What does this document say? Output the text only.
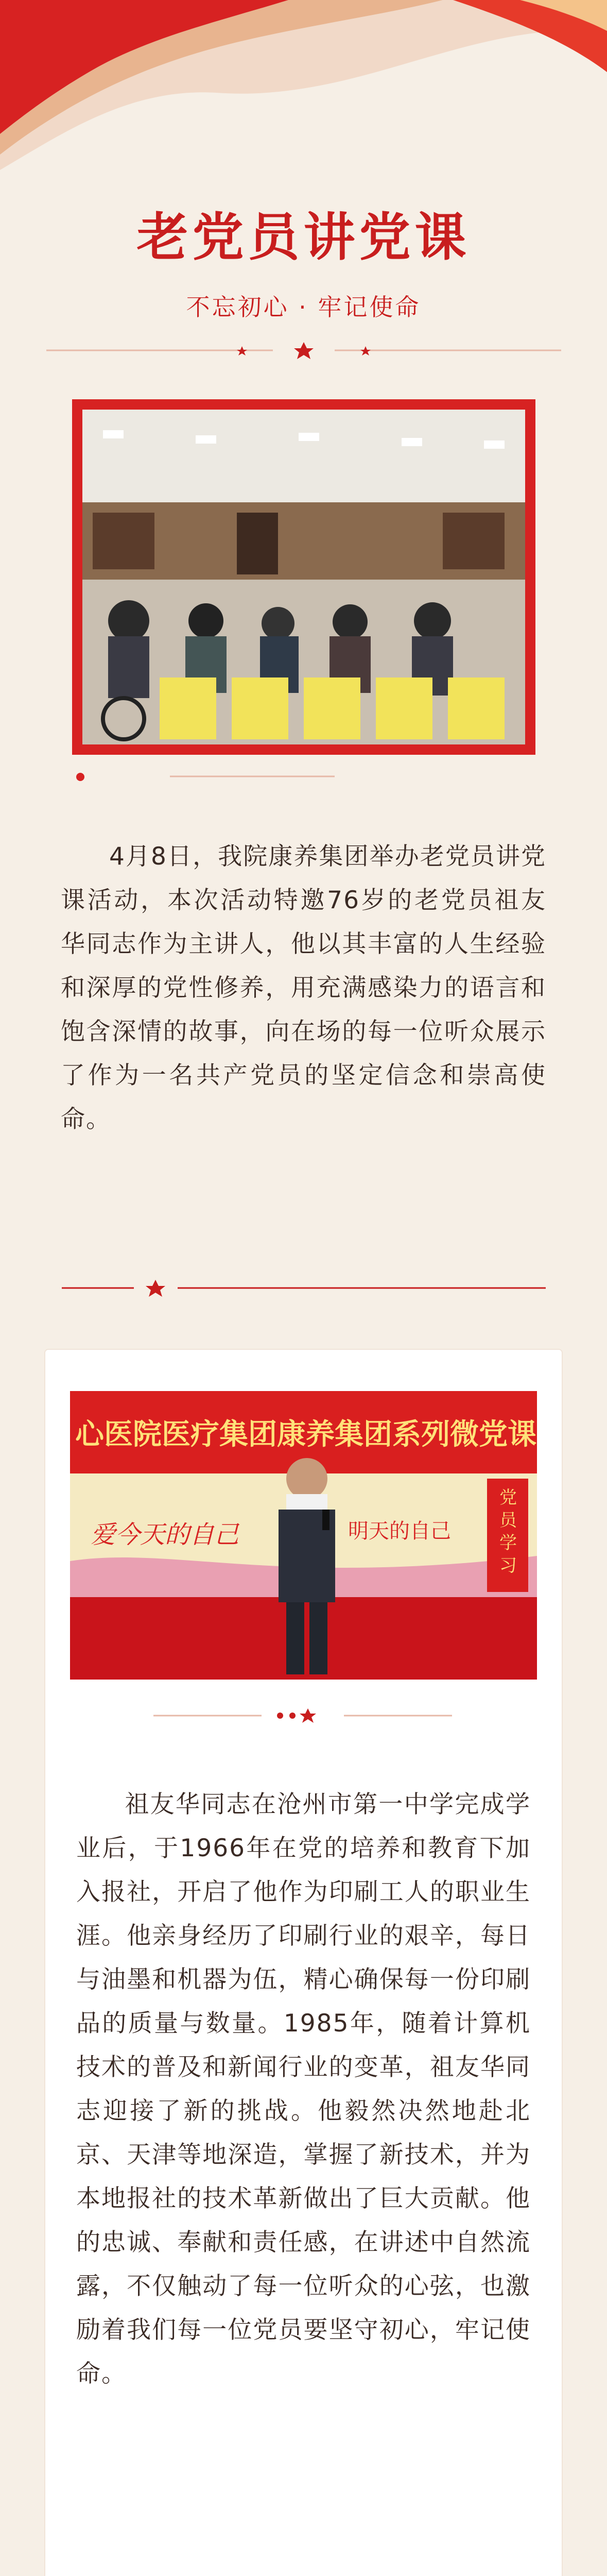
老党员讲党课
不忘初心 · 牢记使命
4月8日，我院康养集团举办老党员讲党课活动，本次活动特邀76岁的老党员祖友华同志作为主讲人，他以其丰富的人生经验和深厚的党性修养，用充满感染力的语言和饱含深情的故事，向在场的每一位听众展示了作为一名共产党员的坚定信念和崇高使命。
心医院医疗集团康养集团系列微党课
爱今天的自己	明天的自己
党员学习
祖友华同志在沧州市第一中学完成学业后，于1966年在党的培养和教育下加入报社，开启了他作为印刷工人的职业生涯。他亲身经历了印刷行业的艰辛，每日与油墨和机器为伍，精心确保每一份印刷品的质量与数量。1985年，随着计算机技术的普及和新闻行业的变革，祖友华同志迎接了新的挑战。他毅然决然地赴北京、天津等地深造，掌握了新技术，并为本地报社的技术革新做出了巨大贡献。他的忠诚、奉献和责任感，在讲述中自然流露，不仅触动了每一位听众的心弦，也激励着我们每一位党员要坚守初心，牢记使命。
